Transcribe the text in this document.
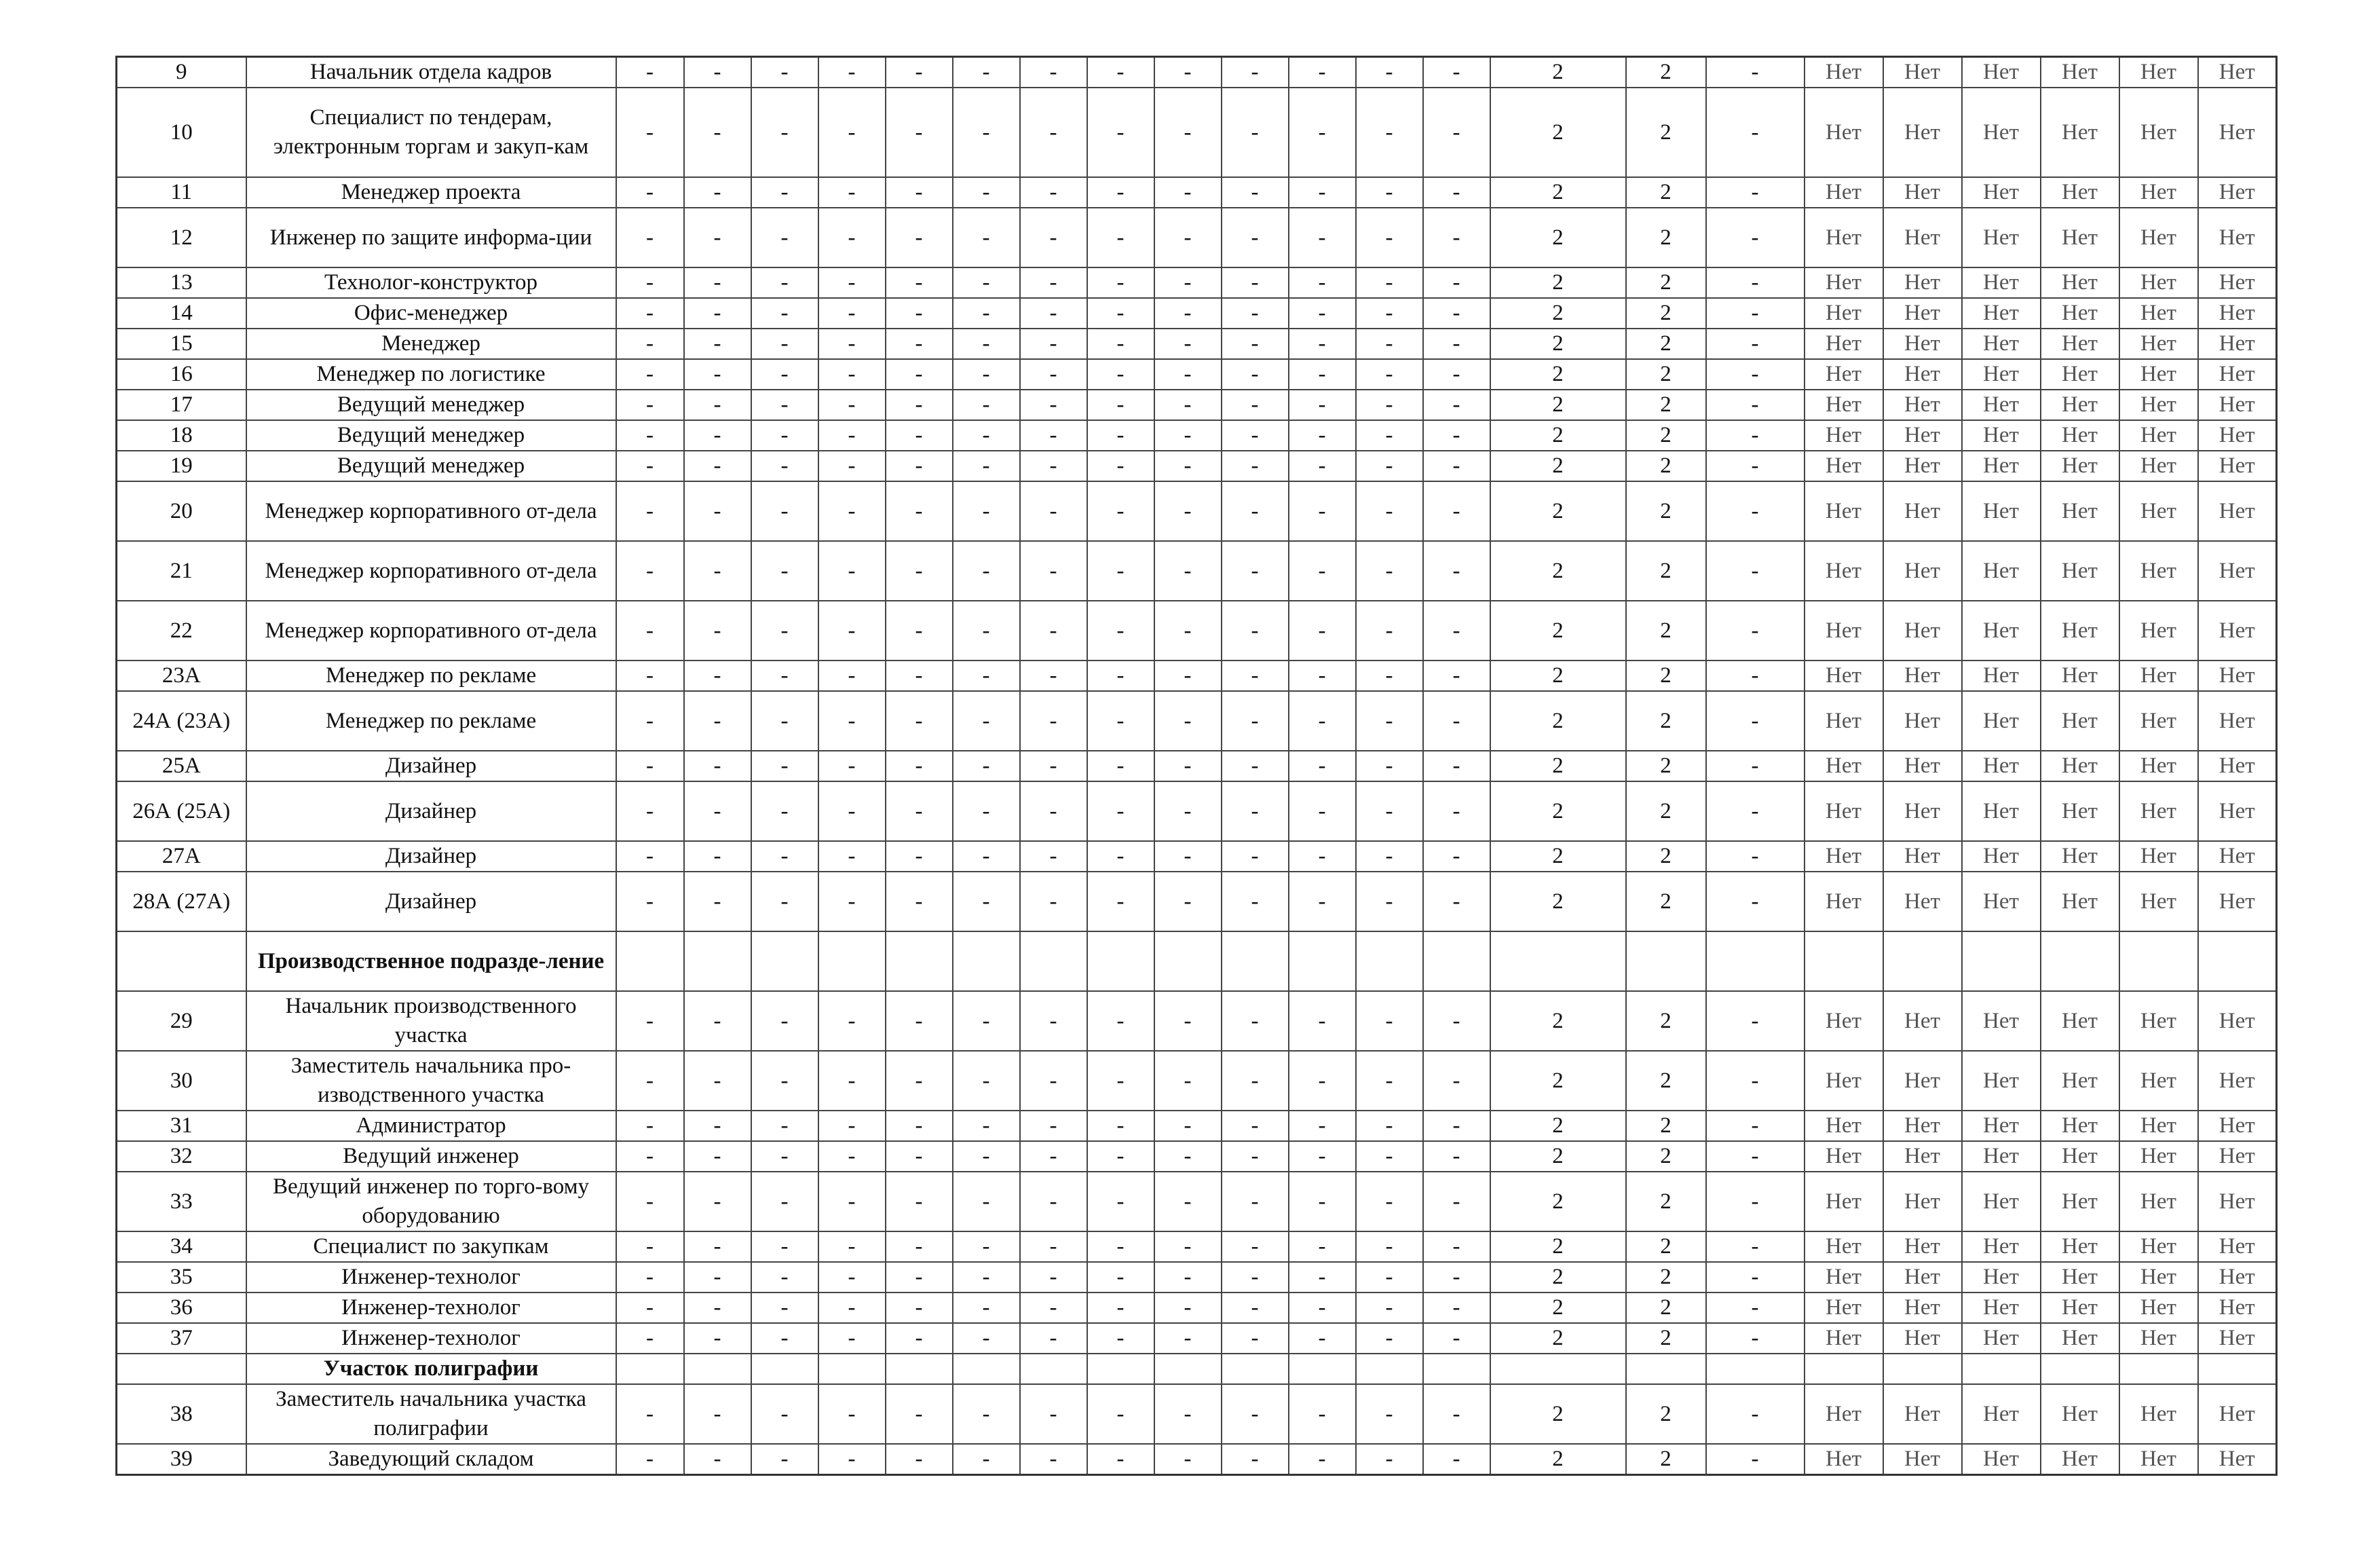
9	Начальник отдела кадров	-	-	-	-	-	-	-	-	-	-	-	-	-	2	2	-	Нет	Нет	Нет	Нет	Нет	Нет
10	Специалист по тендерам, электронным торгам и закуп-кам	-	-	-	-	-	-	-	-	-	-	-	-	-	2	2	-	Нет	Нет	Нет	Нет	Нет	Нет
11	Менеджер проекта	-	-	-	-	-	-	-	-	-	-	-	-	-	2	2	-	Нет	Нет	Нет	Нет	Нет	Нет
12	Инженер по защите информа-ции	-	-	-	-	-	-	-	-	-	-	-	-	-	2	2	-	Нет	Нет	Нет	Нет	Нет	Нет
13	Технолог-конструктор	-	-	-	-	-	-	-	-	-	-	-	-	-	2	2	-	Нет	Нет	Нет	Нет	Нет	Нет
14	Офис-менеджер	-	-	-	-	-	-	-	-	-	-	-	-	-	2	2	-	Нет	Нет	Нет	Нет	Нет	Нет
15	Менеджер	-	-	-	-	-	-	-	-	-	-	-	-	-	2	2	-	Нет	Нет	Нет	Нет	Нет	Нет
16	Менеджер по логистике	-	-	-	-	-	-	-	-	-	-	-	-	-	2	2	-	Нет	Нет	Нет	Нет	Нет	Нет
17	Ведущий менеджер	-	-	-	-	-	-	-	-	-	-	-	-	-	2	2	-	Нет	Нет	Нет	Нет	Нет	Нет
18	Ведущий менеджер	-	-	-	-	-	-	-	-	-	-	-	-	-	2	2	-	Нет	Нет	Нет	Нет	Нет	Нет
19	Ведущий менеджер	-	-	-	-	-	-	-	-	-	-	-	-	-	2	2	-	Нет	Нет	Нет	Нет	Нет	Нет
20	Менеджер корпоративного от-дела	-	-	-	-	-	-	-	-	-	-	-	-	-	2	2	-	Нет	Нет	Нет	Нет	Нет	Нет
21	Менеджер корпоративного от-дела	-	-	-	-	-	-	-	-	-	-	-	-	-	2	2	-	Нет	Нет	Нет	Нет	Нет	Нет
22	Менеджер корпоративного от-дела	-	-	-	-	-	-	-	-	-	-	-	-	-	2	2	-	Нет	Нет	Нет	Нет	Нет	Нет
23А	Менеджер по рекламе	-	-	-	-	-	-	-	-	-	-	-	-	-	2	2	-	Нет	Нет	Нет	Нет	Нет	Нет
24А (23А)	Менеджер по рекламе	-	-	-	-	-	-	-	-	-	-	-	-	-	2	2	-	Нет	Нет	Нет	Нет	Нет	Нет
25А	Дизайнер	-	-	-	-	-	-	-	-	-	-	-	-	-	2	2	-	Нет	Нет	Нет	Нет	Нет	Нет
26А (25А)	Дизайнер	-	-	-	-	-	-	-	-	-	-	-	-	-	2	2	-	Нет	Нет	Нет	Нет	Нет	Нет
27А	Дизайнер	-	-	-	-	-	-	-	-	-	-	-	-	-	2	2	-	Нет	Нет	Нет	Нет	Нет	Нет
28А (27А)	Дизайнер	-	-	-	-	-	-	-	-	-	-	-	-	-	2	2	-	Нет	Нет	Нет	Нет	Нет	Нет
	Производственное подразде-ление																						
29	Начальник производственного участка	-	-	-	-	-	-	-	-	-	-	-	-	-	2	2	-	Нет	Нет	Нет	Нет	Нет	Нет
30	Заместитель начальника про-изводственного участка	-	-	-	-	-	-	-	-	-	-	-	-	-	2	2	-	Нет	Нет	Нет	Нет	Нет	Нет
31	Администратор	-	-	-	-	-	-	-	-	-	-	-	-	-	2	2	-	Нет	Нет	Нет	Нет	Нет	Нет
32	Ведущий инженер	-	-	-	-	-	-	-	-	-	-	-	-	-	2	2	-	Нет	Нет	Нет	Нет	Нет	Нет
33	Ведущий инженер по торго-вому оборудованию	-	-	-	-	-	-	-	-	-	-	-	-	-	2	2	-	Нет	Нет	Нет	Нет	Нет	Нет
34	Специалист по закупкам	-	-	-	-	-	-	-	-	-	-	-	-	-	2	2	-	Нет	Нет	Нет	Нет	Нет	Нет
35	Инженер-технолог	-	-	-	-	-	-	-	-	-	-	-	-	-	2	2	-	Нет	Нет	Нет	Нет	Нет	Нет
36	Инженер-технолог	-	-	-	-	-	-	-	-	-	-	-	-	-	2	2	-	Нет	Нет	Нет	Нет	Нет	Нет
37	Инженер-технолог	-	-	-	-	-	-	-	-	-	-	-	-	-	2	2	-	Нет	Нет	Нет	Нет	Нет	Нет
	Участок полиграфии																						
38	Заместитель начальника участка полиграфии	-	-	-	-	-	-	-	-	-	-	-	-	-	2	2	-	Нет	Нет	Нет	Нет	Нет	Нет
39	Заведующий складом	-	-	-	-	-	-	-	-	-	-	-	-	-	2	2	-	Нет	Нет	Нет	Нет	Нет	Нет
